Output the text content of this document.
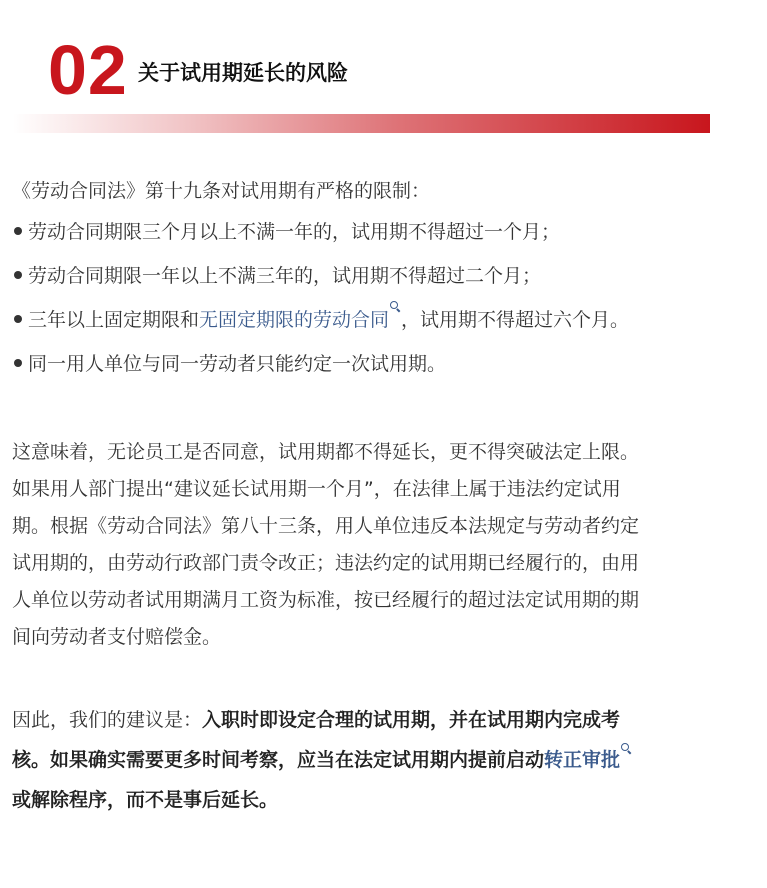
02 关于试用期延长的风险
《劳动合同法》第十九条对试用期有严格的限制：
劳动合同期限三个月以上不满一年的，试用期不得超过一个月；
劳动合同期限一年以上不满三年的，试用期不得超过二个月；
三年以上固定期限和无固定期限的劳动合同 ，试用期不得超过六个月。
同一用人单位与同一劳动者只能约定一次试用期。
这意味着，无论员工是否同意，试用期都不得延长，更不得突破法定上限。
如果用人部门提出“建议延长试用期一个月”，在法律上属于违法约定试用
期。根据《劳动合同法》第八十三条，用人单位违反本法规定与劳动者约定
试用期的，由劳动行政部门责令改正；违法约定的试用期已经履行的，由用
人单位以劳动者试用期满月工资为标准，按已经履行的超过法定试用期的期
间向劳动者支付赔偿金。
因此，我们的建议是：入职时即设定合理的试用期，并在试用期内完成考
核。如果确实需要更多时间考察，应当在法定试用期内提前启动转正审批
或解除程序，而不是事后延长。
